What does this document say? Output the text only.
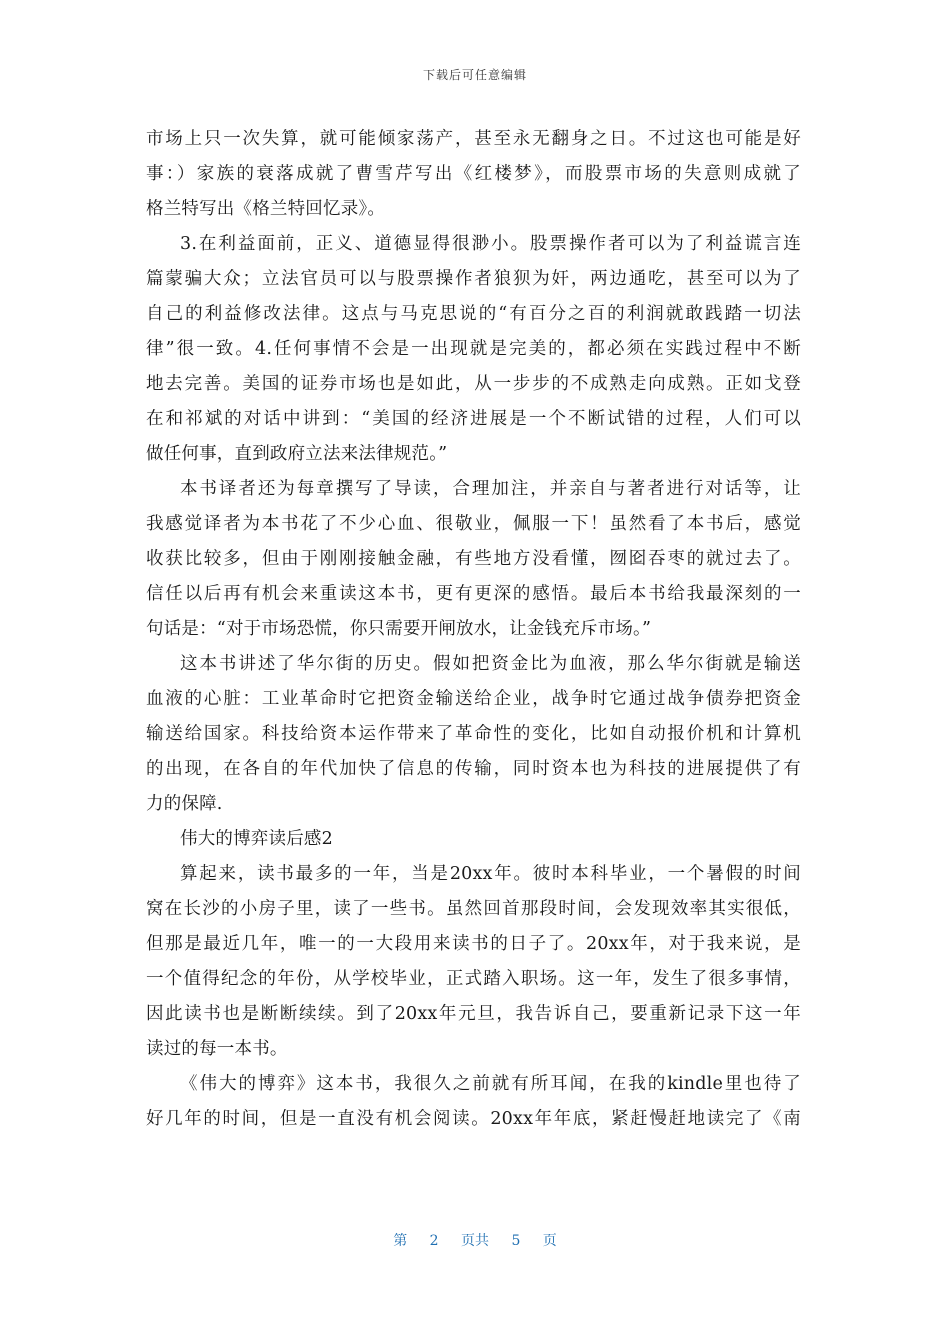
下载后可任意编辑
市场上只一次失算，就可能倾家荡产，甚至永无翻身之日。不过这也可能是好
事：）家族的衰落成就了曹雪芹写出《红楼梦》，而股票市场的失意则成就了
格兰特写出《格兰特回忆录》。
3.在利益面前，正义、道德显得很渺小。股票操作者可以为了利益谎言连
篇蒙骗大众；立法官员可以与股票操作者狼狈为奸，两边通吃，甚至可以为了
自己的利益修改法律。这点与马克思说的“有百分之百的利润就敢践踏一切法
律”很一致。4.任何事情不会是一出现就是完美的，都必须在实践过程中不断
地去完善。美国的证券市场也是如此，从一步步的不成熟走向成熟。正如戈登
在和祁斌的对话中讲到：“美国的经济进展是一个不断试错的过程，人们可以
做任何事，直到政府立法来法律规范。”
本书译者还为每章撰写了导读，合理加注，并亲自与著者进行对话等，让
我感觉译者为本书花了不少心血、很敬业，佩服一下！虽然看了本书后，感觉
收获比较多，但由于刚刚接触金融，有些地方没看懂，囫囵吞枣的就过去了。
信任以后再有机会来重读这本书，更有更深的感悟。最后本书给我最深刻的一
句话是：“对于市场恐慌，你只需要开闸放水，让金钱充斥市场。”
这本书讲述了华尔街的历史。假如把资金比为血液，那么华尔街就是输送
血液的心脏：工业革命时它把资金输送给企业，战争时它通过战争债券把资金
输送给国家。科技给资本运作带来了革命性的变化，比如自动报价机和计算机
的出现，在各自的年代加快了信息的传输，同时资本也为科技的进展提供了有
力的保障.
伟大的博弈读后感2
算起来，读书最多的一年，当是20xx年。彼时本科毕业，一个暑假的时间
窝在长沙的小房子里，读了一些书。虽然回首那段时间，会发现效率其实很低，
但那是最近几年，唯一的一大段用来读书的日子了。20xx年，对于我来说，是
一个值得纪念的年份，从学校毕业，正式踏入职场。这一年，发生了很多事情，
因此读书也是断断续续。到了20xx年元旦，我告诉自己，要重新记录下这一年
读过的每一本书。
《伟大的博弈》这本书，我很久之前就有所耳闻，在我的kindle里也待了
好几年的时间，但是一直没有机会阅读。20xx年年底，紧赶慢赶地读完了《南
第 2 页共 5 页
